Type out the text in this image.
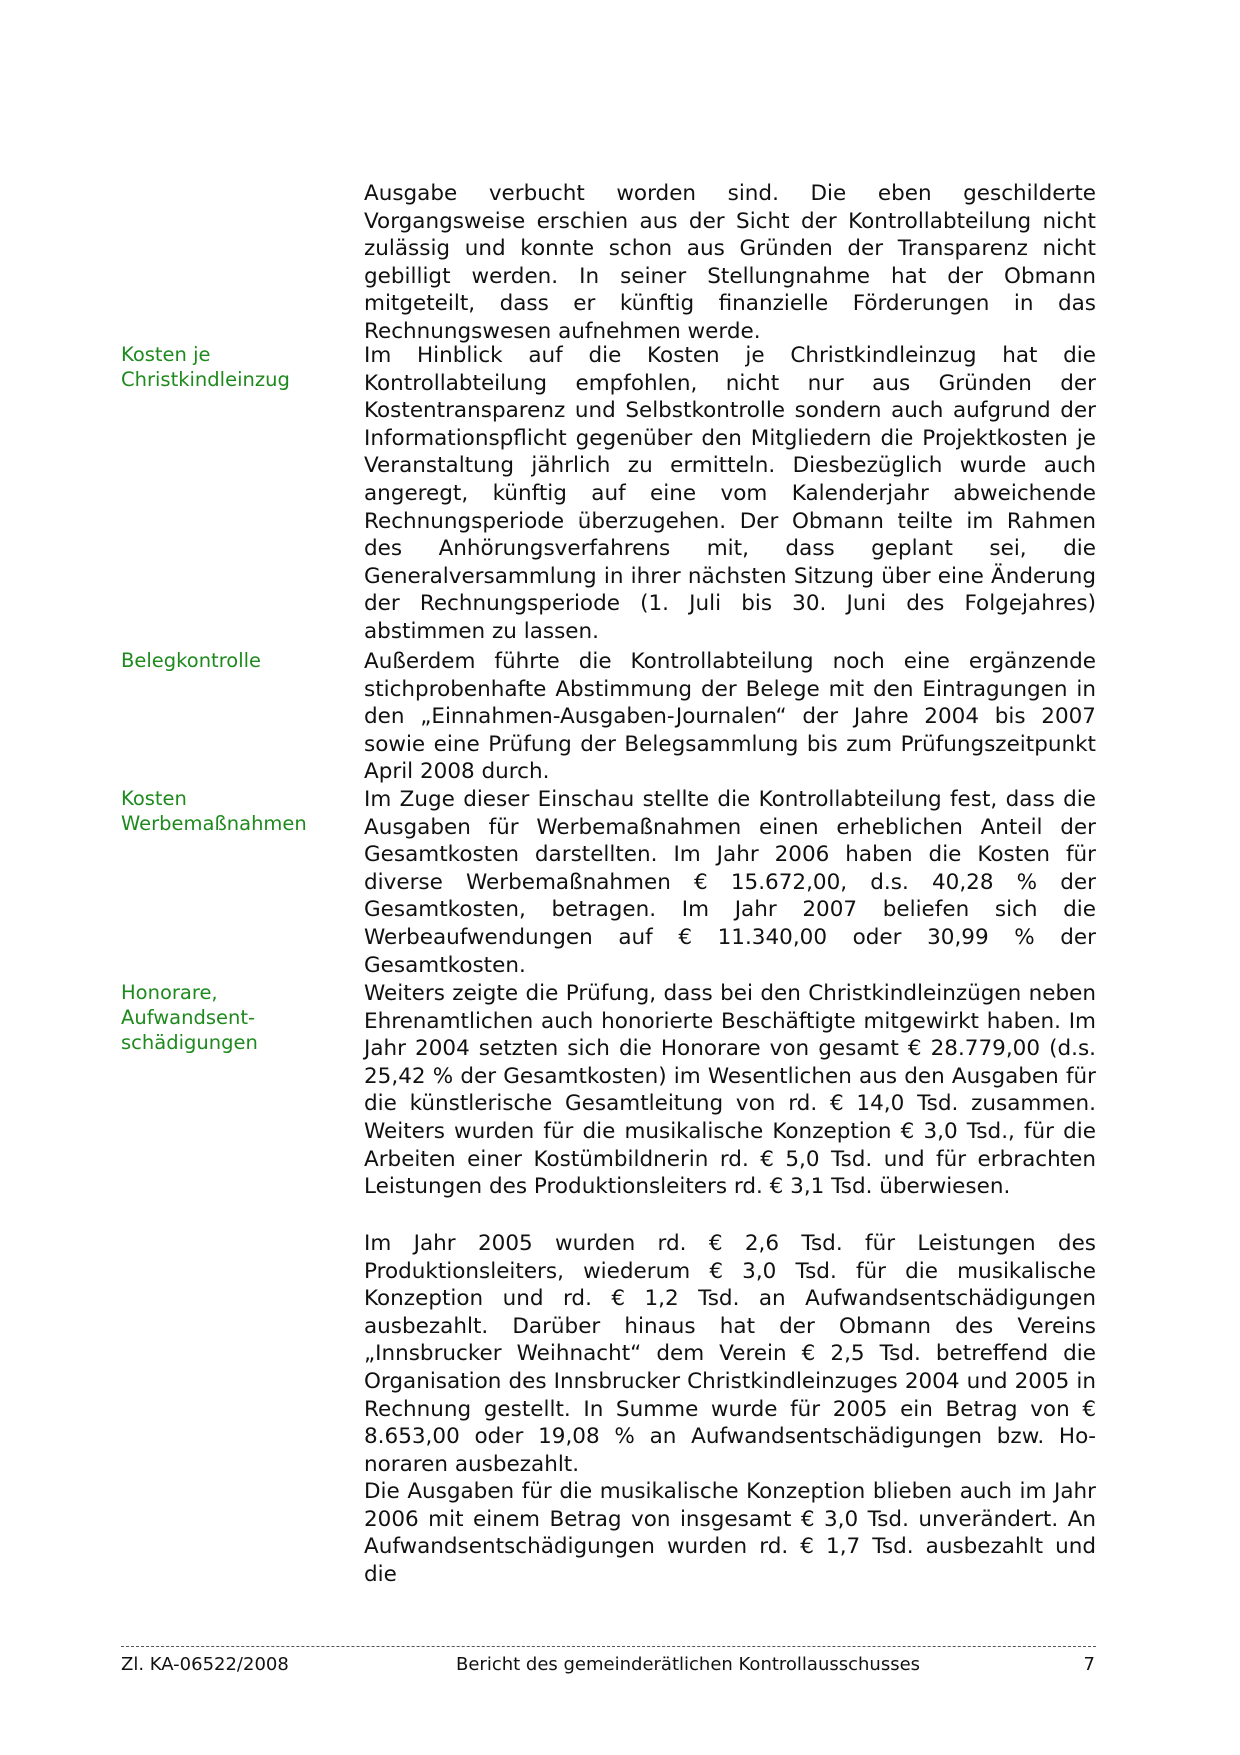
Ausgabe verbucht worden sind. Die eben geschilderte Vorgangsweise erschien aus der Sicht der Kontrollabteilung nicht zulässig und konnte schon aus Gründen der Transparenz nicht gebilligt werden. In seiner Stellungnahme hat der Obmann mitgeteilt, dass er künftig finanzielle Förderungen in das Rechnungswesen aufnehmen werde.
Kosten je Christkindleinzug
Im Hinblick auf die Kosten je Christkindleinzug hat die Kontrollabteilung empfohlen, nicht nur aus Gründen der Kostentransparenz und Selbstkontrolle sondern auch aufgrund der Informationspflicht gegenüber den Mitgliedern die Projektkosten je Veranstaltung jährlich zu ermitteln. Diesbezüglich wurde auch angeregt, künftig auf eine vom Kalenderjahr abweichende Rechnungsperiode überzugehen. Der Obmann teilte im Rahmen des Anhörungsverfahrens mit, dass geplant sei, die Generalversammlung in ihrer nächsten Sitzung über eine Änderung der Rechnungsperiode (1. Juli bis 30. Juni des Folgejahres) abstimmen zu lassen.
Belegkontrolle	Außerdem führte die Kontrollabteilung noch eine ergänzende stichprobenhafte Abstimmung der Belege mit den Eintragungen in den „Einnahmen-Ausgaben-Journalen“ der Jahre 2004 bis 2007 sowie eine Prüfung der Belegsammlung bis zum Prüfungszeitpunkt April 2008 durch.
Kosten Werbemaßnahmen
Im Zuge dieser Einschau stellte die Kontrollabteilung fest, dass die Ausgaben für Werbemaßnahmen einen erheblichen Anteil der Gesamtkosten darstellten. Im Jahr 2006 haben die Kosten für diverse Werbemaßnahmen € 15.672,00, d.s. 40,28 % der Gesamtkosten, betragen. Im Jahr 2007 beliefen sich die Werbeaufwendungen auf € 11.340,00 oder 30,99 % der Gesamtkosten.
Honorare, Aufwandsentschädigungen
Weiters zeigte die Prüfung, dass bei den Christkindleinzügen neben Ehrenamtlichen auch honorierte Beschäftigte mitgewirkt haben. Im Jahr 2004 setzten sich die Honorare von gesamt € 28.779,00 (d.s. 25,42 % der Gesamtkosten) im Wesentlichen aus den Ausgaben für die künstlerische Gesamtleitung von rd. € 14,0 Tsd. zusammen. Weiters wurden für die musikalische Konzeption € 3,0 Tsd., für die Arbeiten einer Kostümbildnerin rd. € 5,0 Tsd. und für erbrachten Leistungen des Produktionsleiters rd. € 3,1 Tsd. überwiesen.
Im Jahr 2005 wurden rd. € 2,6 Tsd. für Leistungen des Produktionsleiters, wiederum € 3,0 Tsd. für die musikalische Konzeption und rd. € 1,2 Tsd. an Aufwandsentschädigungen ausbezahlt. Darüber hinaus hat der Obmann des Vereins „Innsbrucker Weihnacht“ dem Verein € 2,5 Tsd. betreffend die Organisation des Innsbrucker Christkindleinzuges 2004 und 2005 in Rechnung gestellt. In Summe wurde für 2005 ein Betrag von € 8.653,00 oder 19,08 % an Aufwandsentschädigungen bzw. Honoraren ausbezahlt.
Die Ausgaben für die musikalische Konzeption blieben auch im Jahr 2006 mit einem Betrag von insgesamt € 3,0 Tsd. unverändert. An Aufwandsentschädigungen wurden rd. € 1,7 Tsd. ausbezahlt und die
Zl. KA-06522/2008	Bericht des gemeinderätlichen Kontrollausschusses	7
